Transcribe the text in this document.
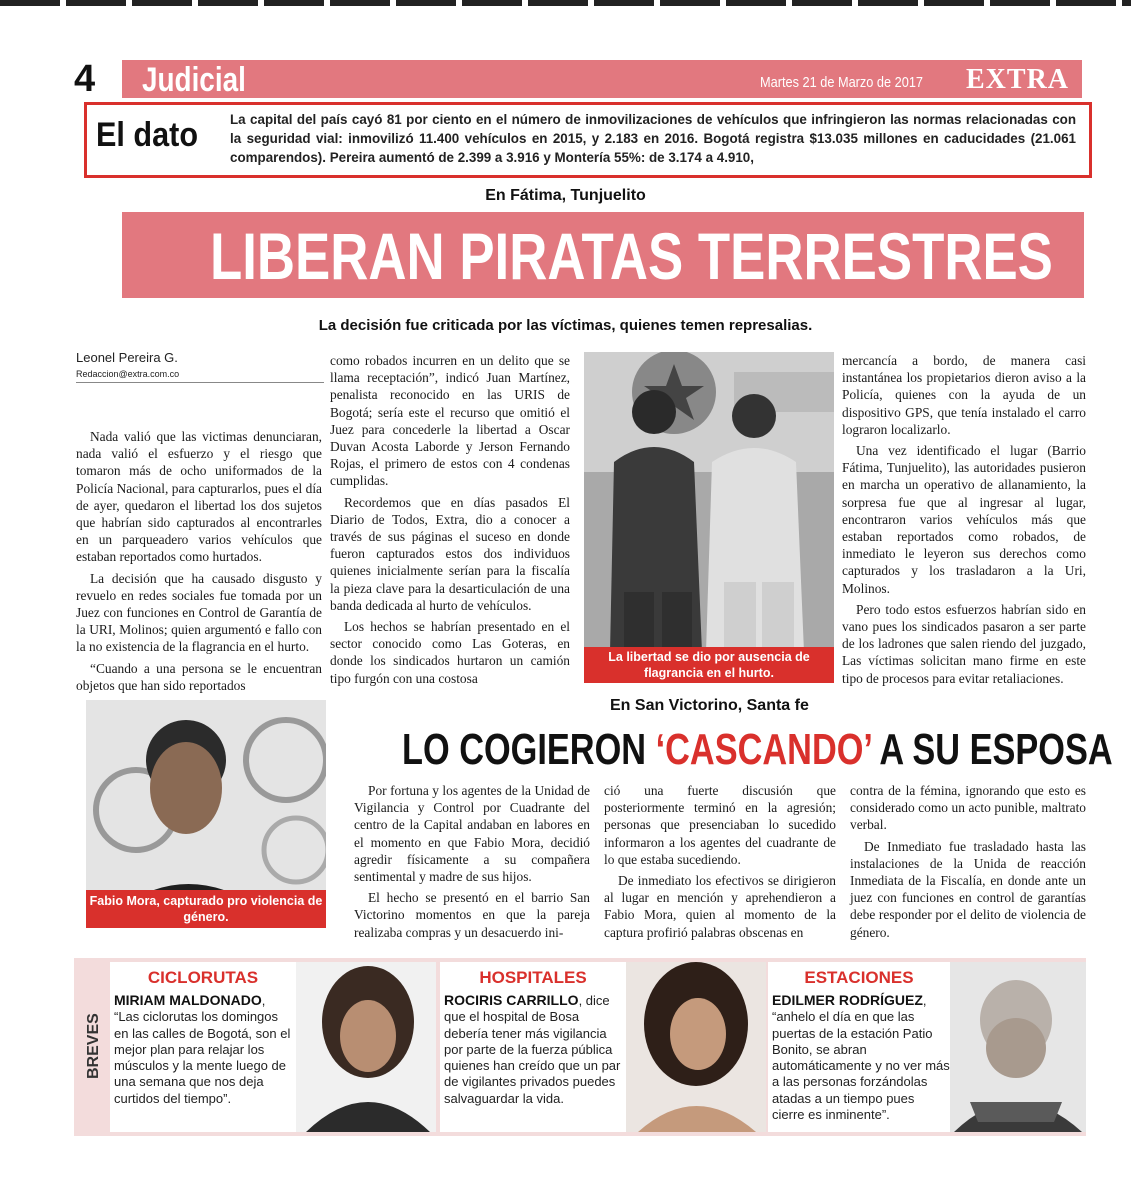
4 Judicial	Martes 21 de Marzo de 2017 EXTRA
El dato La capital del país cayó 81 por ciento en el número de inmovilizaciones de vehículos que infringieron las normas relacionadas con la seguridad vial: inmovilizó 11.400 vehículos en 2015, y 2.183 en 2016. Bogotá registra $13.035 millones en caducidades (21.061 comparendos). Pereira aumentó de 2.399 a 3.916 y Montería 55%: de 3.174 a 4.910,
En Fátima, Tunjuelito
LIBERAN PIRATAS TERRESTRES
La decisión fue criticada por las víctimas, quienes temen represalias.
Leonel Pereira G.
Redaccion@extra.com.co

Nada valió que las victimas denunciaran, nada valió el esfuerzo y el riesgo que tomaron más de ocho uniformados de la Policía Nacional, para capturarlos, pues el día de ayer, quedaron el libertad los dos sujetos que habrían sido capturados al encontrarles en un parqueadero varios vehículos que estaban reportados como hurtados.

La decisión que ha causado disgusto y revuelo en redes sociales fue tomada por un Juez con funciones en Control de Garantía de la URI, Molinos; quien argumentó e fallo con la no existencia de la flagrancia en el hurto.

“Cuando a una persona se le encuentran objetos que han sido reportados

como robados incurren en un delito que se llama receptación”, indicó Juan Martínez, penalista reconocido en las URIS de Bogotá; sería este el recurso que omitió el Juez para concederle la libertad a Oscar Duvan Acosta Laborde y Jerson Fernando Rojas, el primero de estos con 4 condenas cumplidas.

Recordemos que en días pasados El Diario de Todos, Extra, dio a conocer a través de sus páginas el suceso en donde fueron capturados estos dos individuos quienes inicialmente serían para la fiscalía la pieza clave para la desarticulación de una banda dedicada al hurto de vehículos.

Los hechos se habrían presentado en el sector conocido como Las Goteras, en donde los sindicados hurtaron un camión tipo furgón con una costosa

La libertad se dio por ausencia de flagrancia en el hurto.

mercancía a bordo, de manera casi instantánea los propietarios dieron aviso a la Policía, quienes con la ayuda de un dispositivo GPS, que tenía instalado el carro lograron localizarlo.

Una vez identificado el lugar (Barrio Fátima, Tunjuelito), las autoridades pusieron en marcha un operativo de allanamiento, la sorpresa fue que al ingresar al lugar, encontraron varios vehículos más que estaban reportados como robados, de inmediato le leyeron sus derechos como capturados y los trasladaron a la Uri, Molinos.

Pero todo estos esfuerzos habrían sido en vano pues los sindicados pasaron a ser parte de los ladrones que salen riendo del juzgado, Las víctimas solicitan mano firme en este tipo de procesos para evitar retaliaciones.

Fabio Mora, capturado pro violencia de género.
En San Victorino, Santa fe
LO COGIERON ‘CASCANDO’ A SU ESPOSA

Por fortuna y los agentes de la Unidad de Vigilancia y Control por Cuadrante del centro de la Capital andaban en labores en el momento en que Fabio Mora, decidió agredir físicamente a su compañera sentimental y madre de sus hijos.

El hecho se presentó en el barrio San Victorino momentos en que la pareja realizaba compras y un desacuerdo ini-

ció una fuerte discusión que posteriormente terminó en la agresión; personas que presenciaban lo sucedido informaron a los agentes del cuadrante de lo que estaba sucediendo.

De inmediato los efectivos se dirigieron al lugar en mención y aprehendieron a Fabio Mora, quien al momento de la captura profirió palabras obscenas en

contra de la fémina, ignorando que esto es considerado como un acto punible, maltrato verbal.

De Inmediato fue trasladado hasta las instalaciones de la Unida de reacción Inmediata de la Fiscalía, en donde ante un juez con funciones en control de garantías debe responder por el delito de violencia de género.

BREVES
CICLORUTAS
MIRIAM MALDONADO, “Las ciclorutas los domingos en las calles de Bogotá, son el mejor plan para relajar los músculos y la mente luego de una semana que nos deja curtidos del tiempo”.
HOSPITALES
ROCIRIS CARRILLO, dice que el hospital de Bosa debería tener más vigilancia por parte de la fuerza pública quienes han creído que un par de vigilantes privados puedes salvaguardar la vida.
ESTACIONES
EDILMER RODRÍGUEZ, “anhelo el día en que las puertas de la estación Patio Bonito, se abran automáticamente y no ver más a las personas forzándolas atadas a un tiempo pues cierre es inminente”.
